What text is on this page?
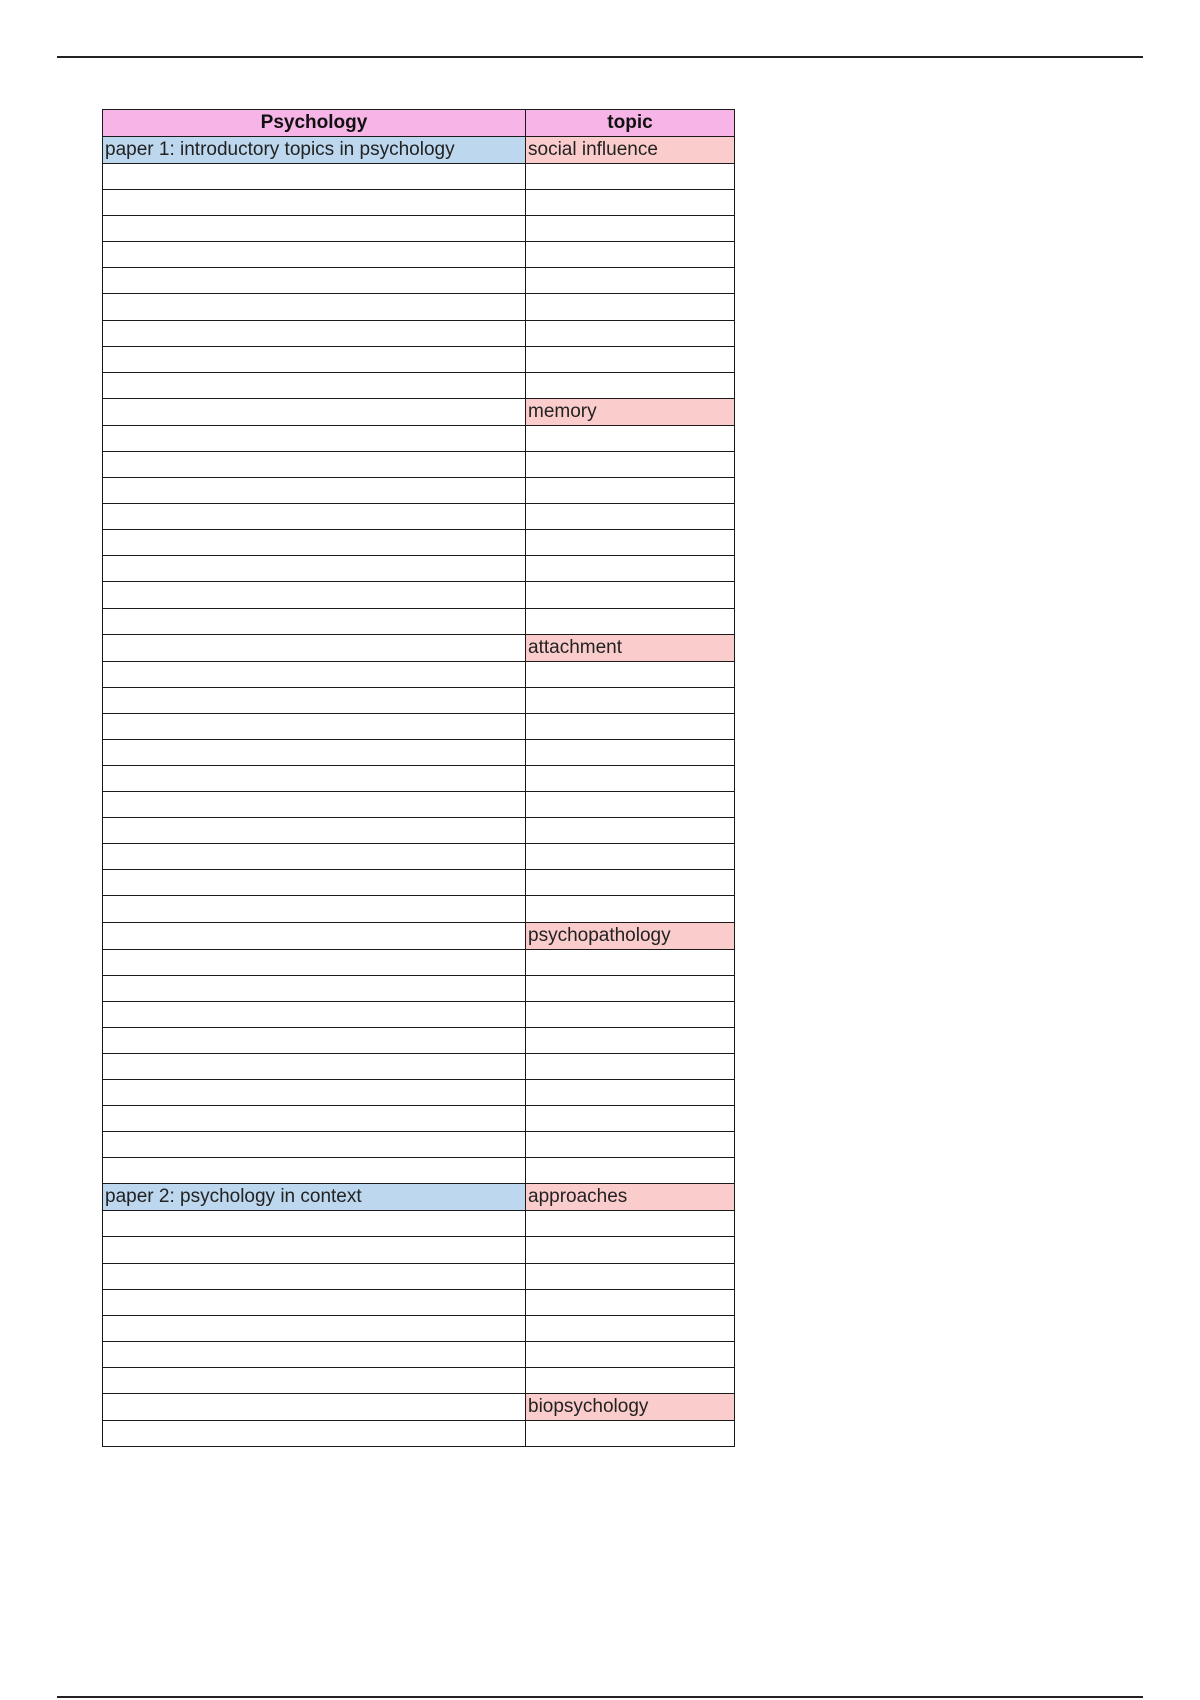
Psychology	topic
paper 1: introductory topics in psychology	social influence

	memory

	attachment

	psychopathology

paper 2: psychology in context	approaches

	biopsychology
